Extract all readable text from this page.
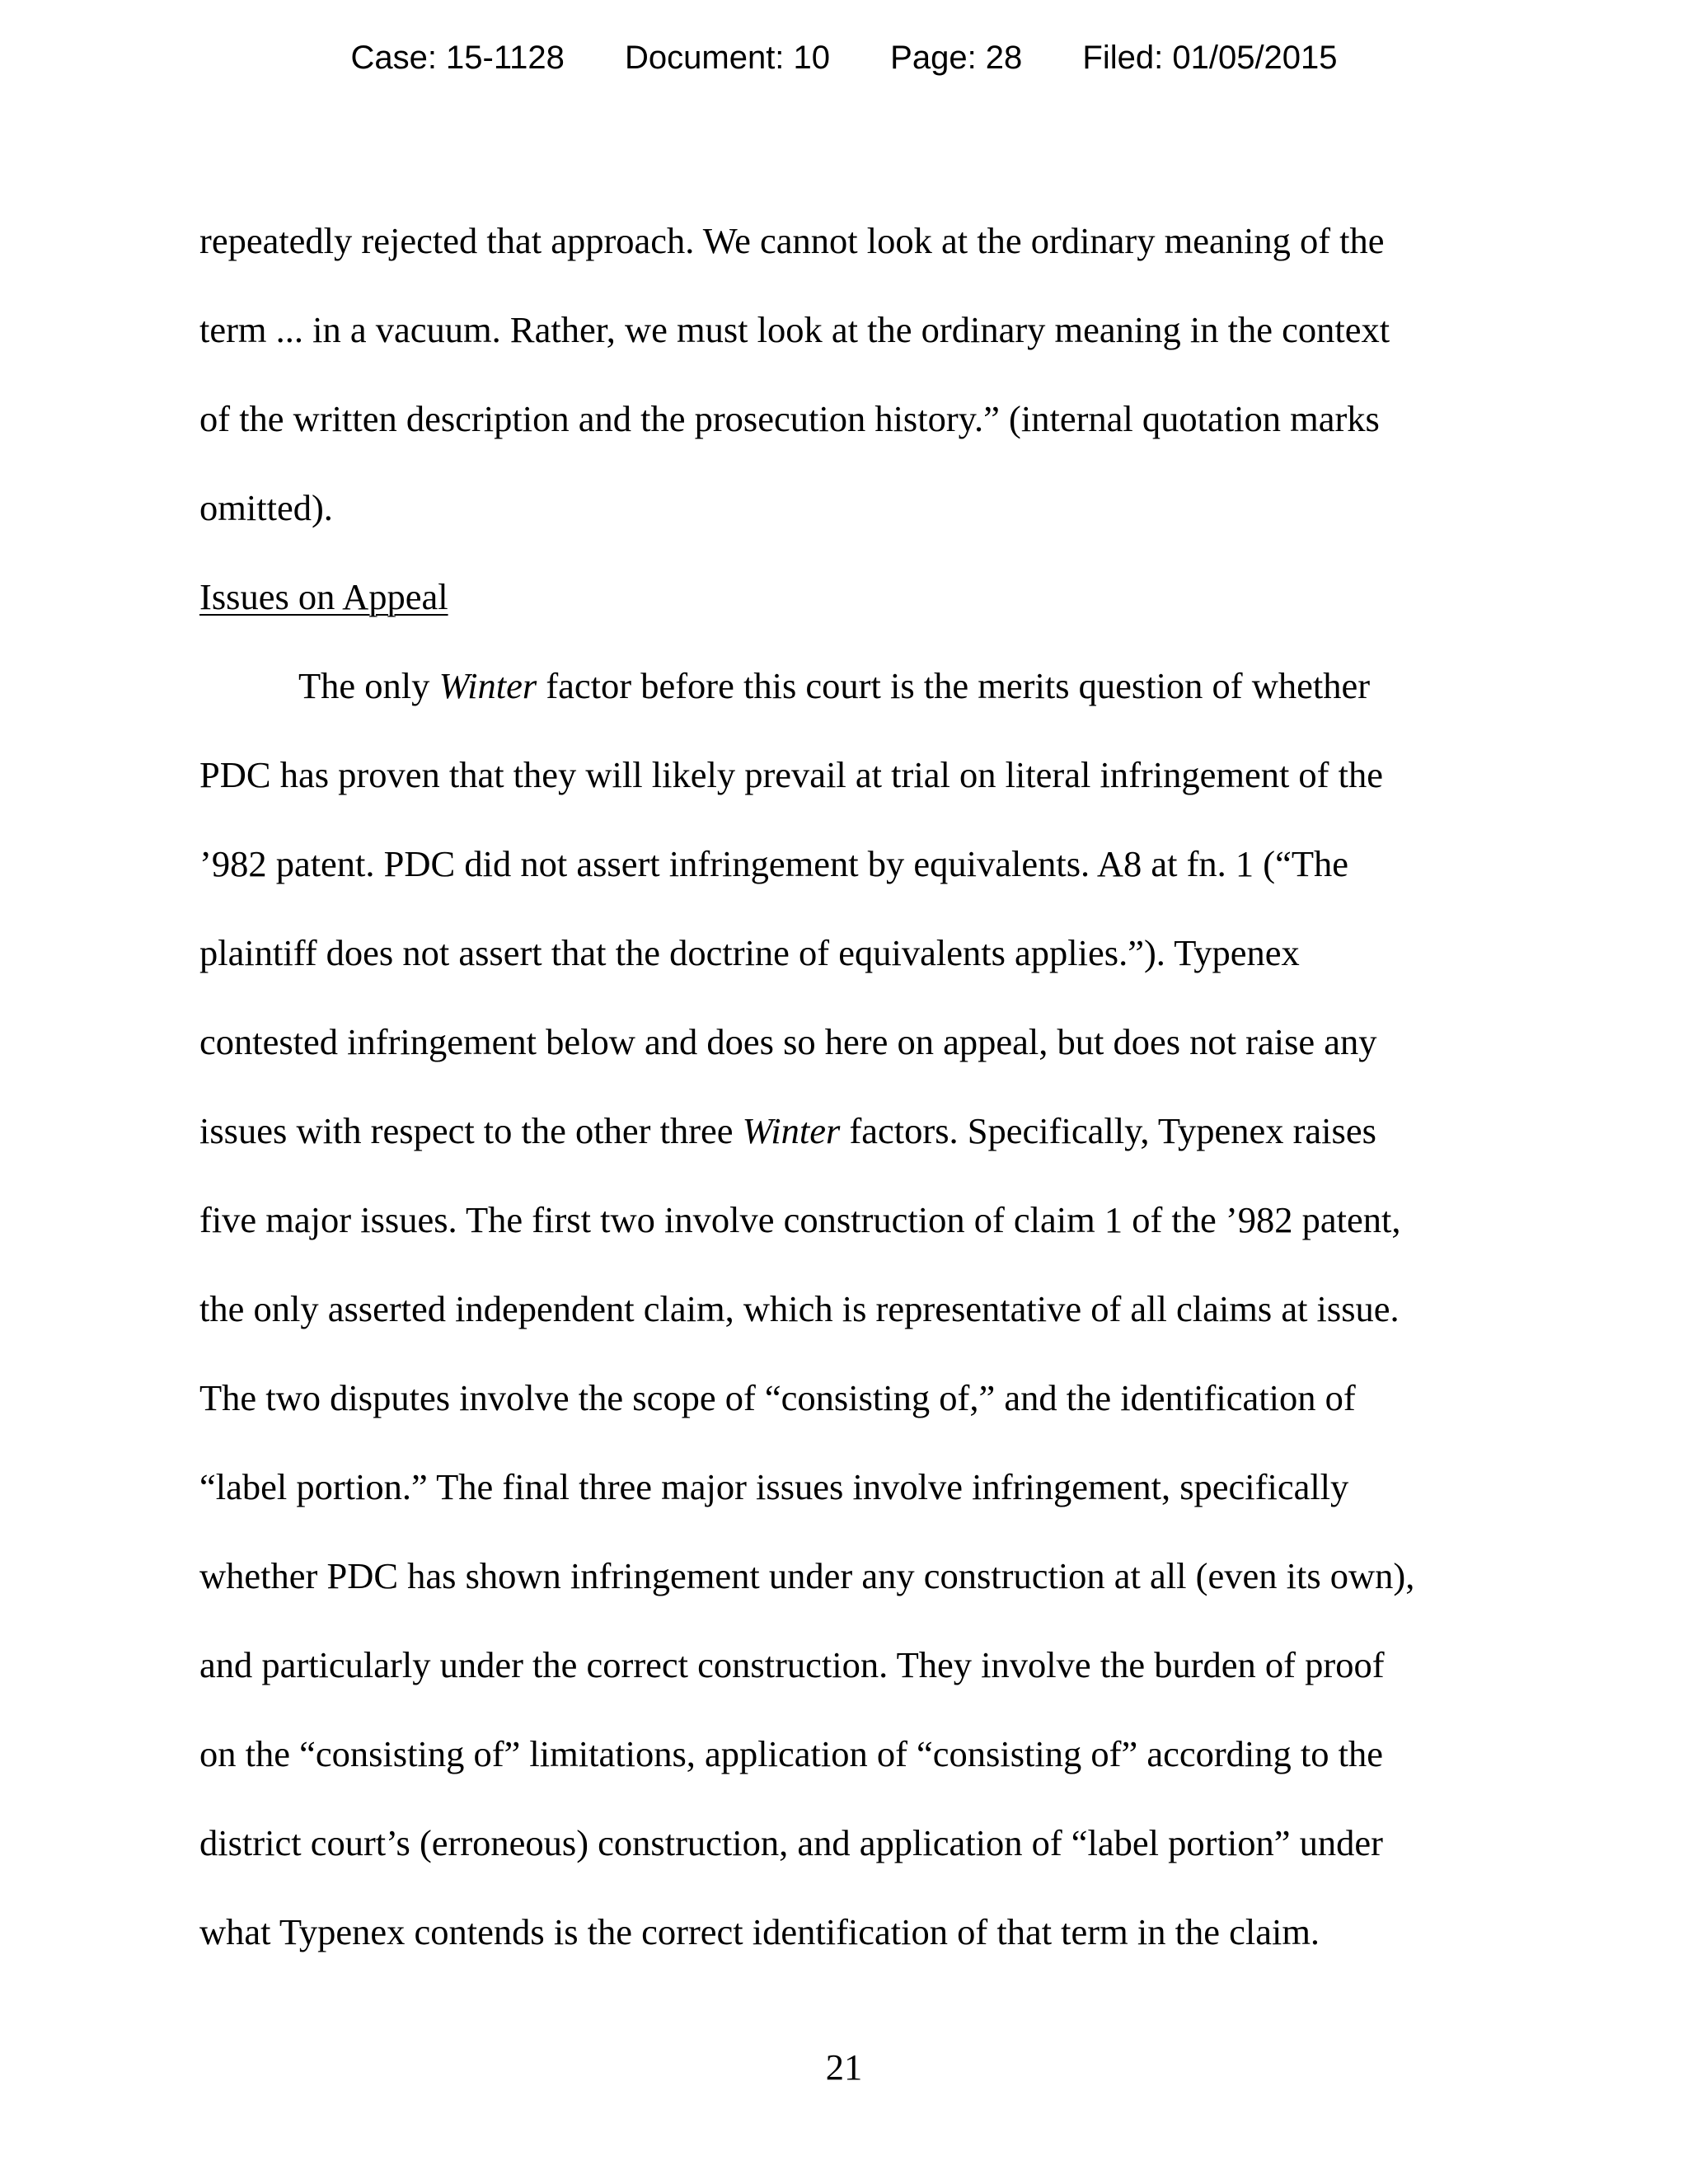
Case: 15-1128 Document: 10 Page: 28 Filed: 01/05/2015
repeatedly rejected that approach. We cannot look at the ordinary meaning of the
term ... in a vacuum. Rather, we must look at the ordinary meaning in the context
of the written description and the prosecution history.” (internal quotation marks
omitted).
Issues on Appeal
The only Winter factor before this court is the merits question of whether
PDC has proven that they will likely prevail at trial on literal infringement of the
’982 patent. PDC did not assert infringement by equivalents. A8 at fn. 1 (“The
plaintiff does not assert that the doctrine of equivalents applies.”). Typenex
contested infringement below and does so here on appeal, but does not raise any
issues with respect to the other three Winter factors. Specifically, Typenex raises
five major issues. The first two involve construction of claim 1 of the ’982 patent,
the only asserted independent claim, which is representative of all claims at issue.
The two disputes involve the scope of “consisting of,” and the identification of
“label portion.” The final three major issues involve infringement, specifically
whether PDC has shown infringement under any construction at all (even its own),
and particularly under the correct construction. They involve the burden of proof
on the “consisting of” limitations, application of “consisting of” according to the
district court’s (erroneous) construction, and application of “label portion” under
what Typenex contends is the correct identification of that term in the claim.
21
